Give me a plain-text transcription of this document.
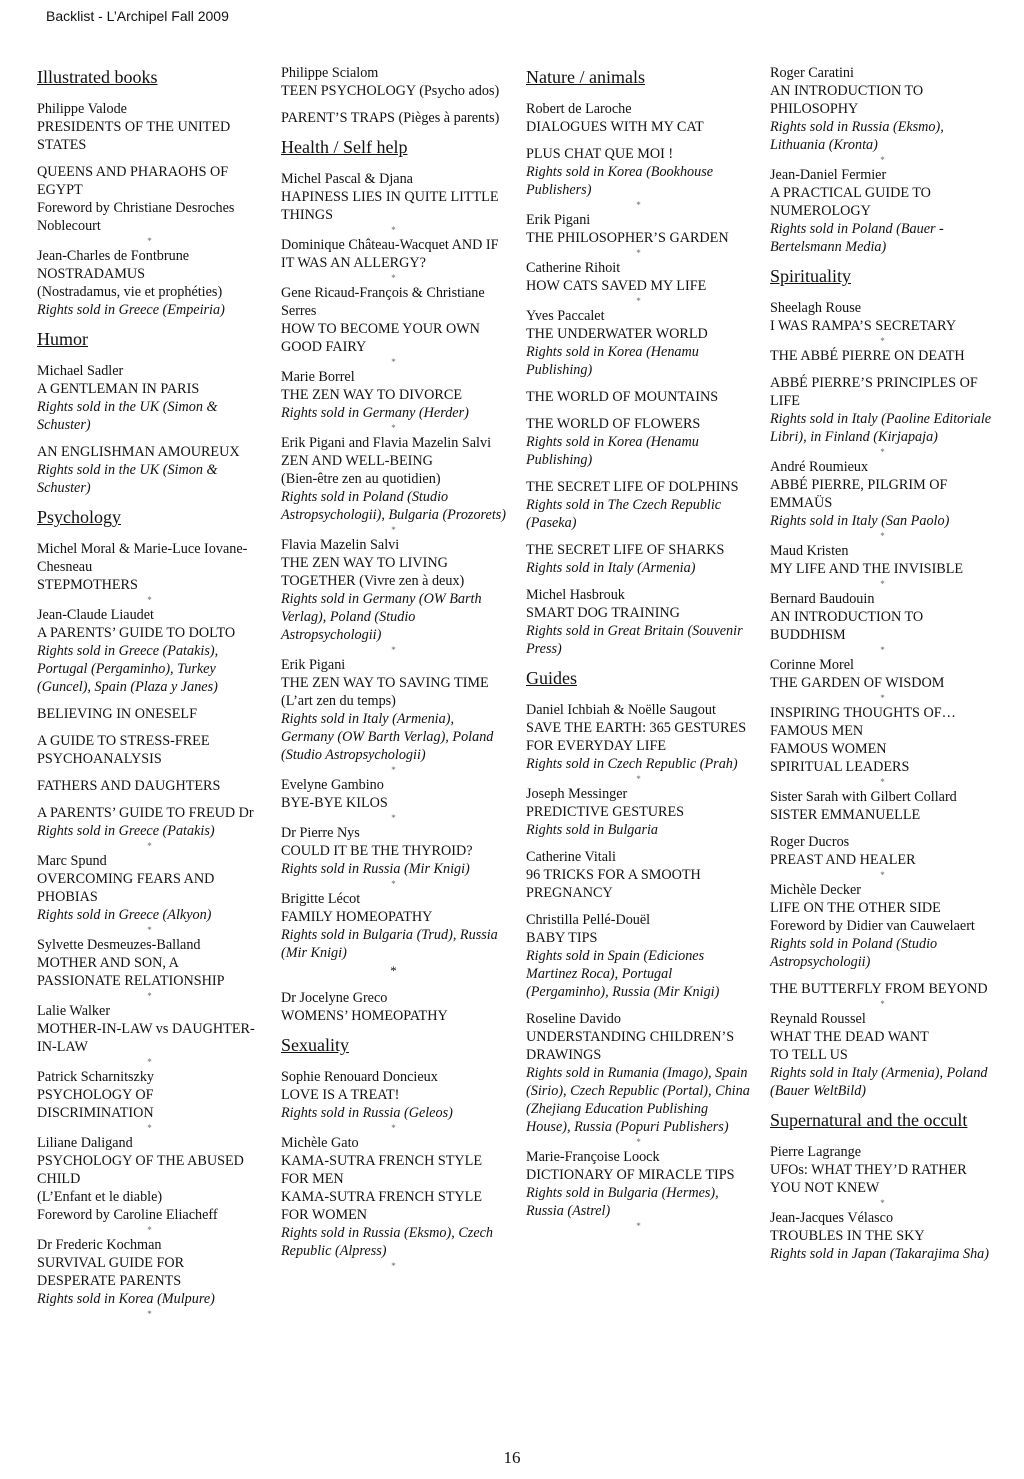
Backlist - L’Archipel Fall 2009
Illustrated books
Philippe Valode
PRESIDENTS OF THE UNITED STATES
QUEENS AND PHARAOHS OF EGYPT
Foreword by Christiane Desroches Noblecourt
*
Jean-Charles de Fontbrune
NOSTRADAMUS
(Nostradamus, vie et prophéties)
Rights sold in Greece (Empeiria)
Humor
Michael Sadler
A GENTLEMAN IN PARIS
Rights sold in the UK (Simon & Schuster)
AN ENGLISHMAN AMOUREUX
Rights sold in the UK (Simon & Schuster)
Psychology
Michel Moral & Marie-Luce Iovane-Chesneau
STEPMOTHERS
*
Jean-Claude Liaudet
A PARENTS’ GUIDE TO DOLTO
Rights sold in Greece (Patakis), Portugal (Pergaminho), Turkey (Guncel), Spain (Plaza y Janes)
BELIEVING IN ONESELF
A GUIDE TO STRESS-FREE PSYCHOANALYSIS
FATHERS AND DAUGHTERS
A PARENTS’ GUIDE TO FREUD Dr
Rights sold in Greece (Patakis)
*
Marc Spund
OVERCOMING FEARS AND PHOBIAS
Rights sold in Greece (Alkyon)
*
Sylvette Desmeuzes-Balland
MOTHER AND SON, A PASSIONATE RELATIONSHIP
*
Lalie Walker
MOTHER-IN-LAW vs DAUGHTER-IN-LAW
*
Patrick Scharnitszky
PSYCHOLOGY OF DISCRIMINATION
*
Liliane Daligand
PSYCHOLOGY OF THE ABUSED CHILD
(L’Enfant et le diable)
Foreword by Caroline Eliacheff
*
Dr Frederic Kochman
SURVIVAL GUIDE FOR DESPERATE PARENTS
Rights sold in Korea (Mulpure)
*
Philippe Scialom
TEEN PSYCHOLOGY (Psycho ados)
PARENT’S TRAPS (Pièges à parents)
Health / Self help
Michel Pascal & Djana
HAPINESS LIES IN QUITE LITTLE THINGS
*
Dominique Château-Wacquet AND IF IT WAS AN ALLERGY?
*
Gene Ricaud-François & Christiane Serres
HOW TO BECOME YOUR OWN GOOD FAIRY
*
Marie Borrel
THE ZEN WAY TO DIVORCE
Rights sold in Germany (Herder)
*
Erik Pigani and Flavia Mazelin Salvi
ZEN AND WELL-BEING
(Bien-être zen au quotidien)
Rights sold in Poland (Studio Astropsychologii), Bulgaria (Prozorets)
*
Flavia Mazelin Salvi
THE ZEN WAY TO LIVING TOGETHER (Vivre zen à deux)
Rights sold in Germany (OW Barth Verlag), Poland (Studio Astropsychologii)
*
Erik Pigani
THE ZEN WAY TO SAVING TIME
(L’art zen du temps)
Rights sold in Italy (Armenia), Germany (OW Barth Verlag), Poland (Studio Astropsychologii)
*
Evelyne Gambino
BYE-BYE KILOS
*
Dr Pierre Nys
COULD IT BE THE THYROID?
Rights sold in Russia (Mir Knigi)
*
Brigitte Lécot
FAMILY HOMEOPATHY
Rights sold in Bulgaria (Trud), Russia (Mir Knigi)
*
Dr Jocelyne Greco
WOMENS’ HOMEOPATHY
Sexuality
Sophie Renouard Doncieux
LOVE IS A TREAT!
Rights sold in Russia (Geleos)
*
Michèle Gato
KAMA-SUTRA FRENCH STYLE FOR MEN
KAMA-SUTRA FRENCH STYLE FOR WOMEN
Rights sold in Russia (Eksmo), Czech Republic (Alpress)
*
Nature / animals
Robert de Laroche
DIALOGUES WITH MY CAT
PLUS CHAT QUE MOI !
Rights sold in Korea (Bookhouse Publishers)
*
Erik Pigani
THE PHILOSOPHER’S GARDEN
*
Catherine Rihoit
HOW CATS SAVED MY LIFE
*
Yves Paccalet
THE UNDERWATER WORLD
Rights sold in Korea (Henamu Publishing)
THE WORLD OF MOUNTAINS
THE WORLD OF FLOWERS
Rights sold in Korea (Henamu Publishing)
THE SECRET LIFE OF DOLPHINS
Rights sold in The Czech Republic (Paseka)
THE SECRET LIFE OF SHARKS
Rights sold in Italy (Armenia)
Michel Hasbrouk
SMART DOG TRAINING
Rights sold in Great Britain (Souvenir Press)
Guides
Daniel Ichbiah & Noëlle Saugout
SAVE THE EARTH: 365 GESTURES FOR EVERYDAY LIFE
Rights sold in Czech Republic (Prah)
*
Joseph Messinger
PREDICTIVE GESTURES
Rights sold in Bulgaria
Catherine Vitali
96 TRICKS FOR A SMOOTH PREGNANCY
Christilla Pellé-Douël
BABY TIPS
Rights sold in Spain (Ediciones Martinez Roca), Portugal (Pergaminho), Russia (Mir Knigi)
Roseline Davido
UNDERSTANDING CHILDREN’S DRAWINGS
Rights sold in Rumania (Imago), Spain (Sirio), Czech Republic (Portal), China (Zhejiang Education Publishing House), Russia (Popuri Publishers)
*
Marie-Françoise Loock
DICTIONARY OF MIRACLE TIPS
Rights sold in Bulgaria (Hermes), Russia (Astrel)
*
Roger Caratini
AN INTRODUCTION TO PHILOSOPHY
Rights sold in Russia (Eksmo), Lithuania (Kronta)
*
Jean-Daniel Fermier
A PRACTICAL GUIDE TO NUMEROLOGY
Rights sold in Poland (Bauer - Bertelsmann Media)
Spirituality
Sheelagh Rouse
I WAS RAMPA’S SECRETARY
*
THE ABBÉ PIERRE ON DEATH
ABBÉ PIERRE’S PRINCIPLES OF LIFE
Rights sold in Italy (Paoline Editoriale Libri), in Finland (Kirjapaja)
*
André Roumieux
ABBÉ PIERRE, PILGRIM OF EMMAÜS
Rights sold in Italy (San Paolo)
*
Maud Kristen
MY LIFE AND THE INVISIBLE
*
Bernard Baudouin
AN INTRODUCTION TO BUDDHISM
*
Corinne Morel
THE GARDEN OF WISDOM
*
INSPIRING THOUGHTS OF…
FAMOUS MEN
FAMOUS WOMEN
SPIRITUAL LEADERS
*
Sister Sarah with Gilbert Collard
SISTER EMMANUELLE
Roger Ducros
PREAST AND HEALER
*
Michèle Decker
LIFE ON THE OTHER SIDE
Foreword by Didier van Cauwelaert
Rights sold in Poland (Studio Astropsychologii)
THE BUTTERFLY FROM BEYOND
*
Reynald Roussel
WHAT THE DEAD WANT
TO TELL US
Rights sold in Italy (Armenia), Poland (Bauer WeltBild)
Supernatural and the occult
Pierre Lagrange
UFOs: WHAT THEY’D RATHER YOU NOT KNEW
*
Jean-Jacques Vélasco
TROUBLES IN THE SKY
Rights sold in Japan (Takarajima Sha)
16
